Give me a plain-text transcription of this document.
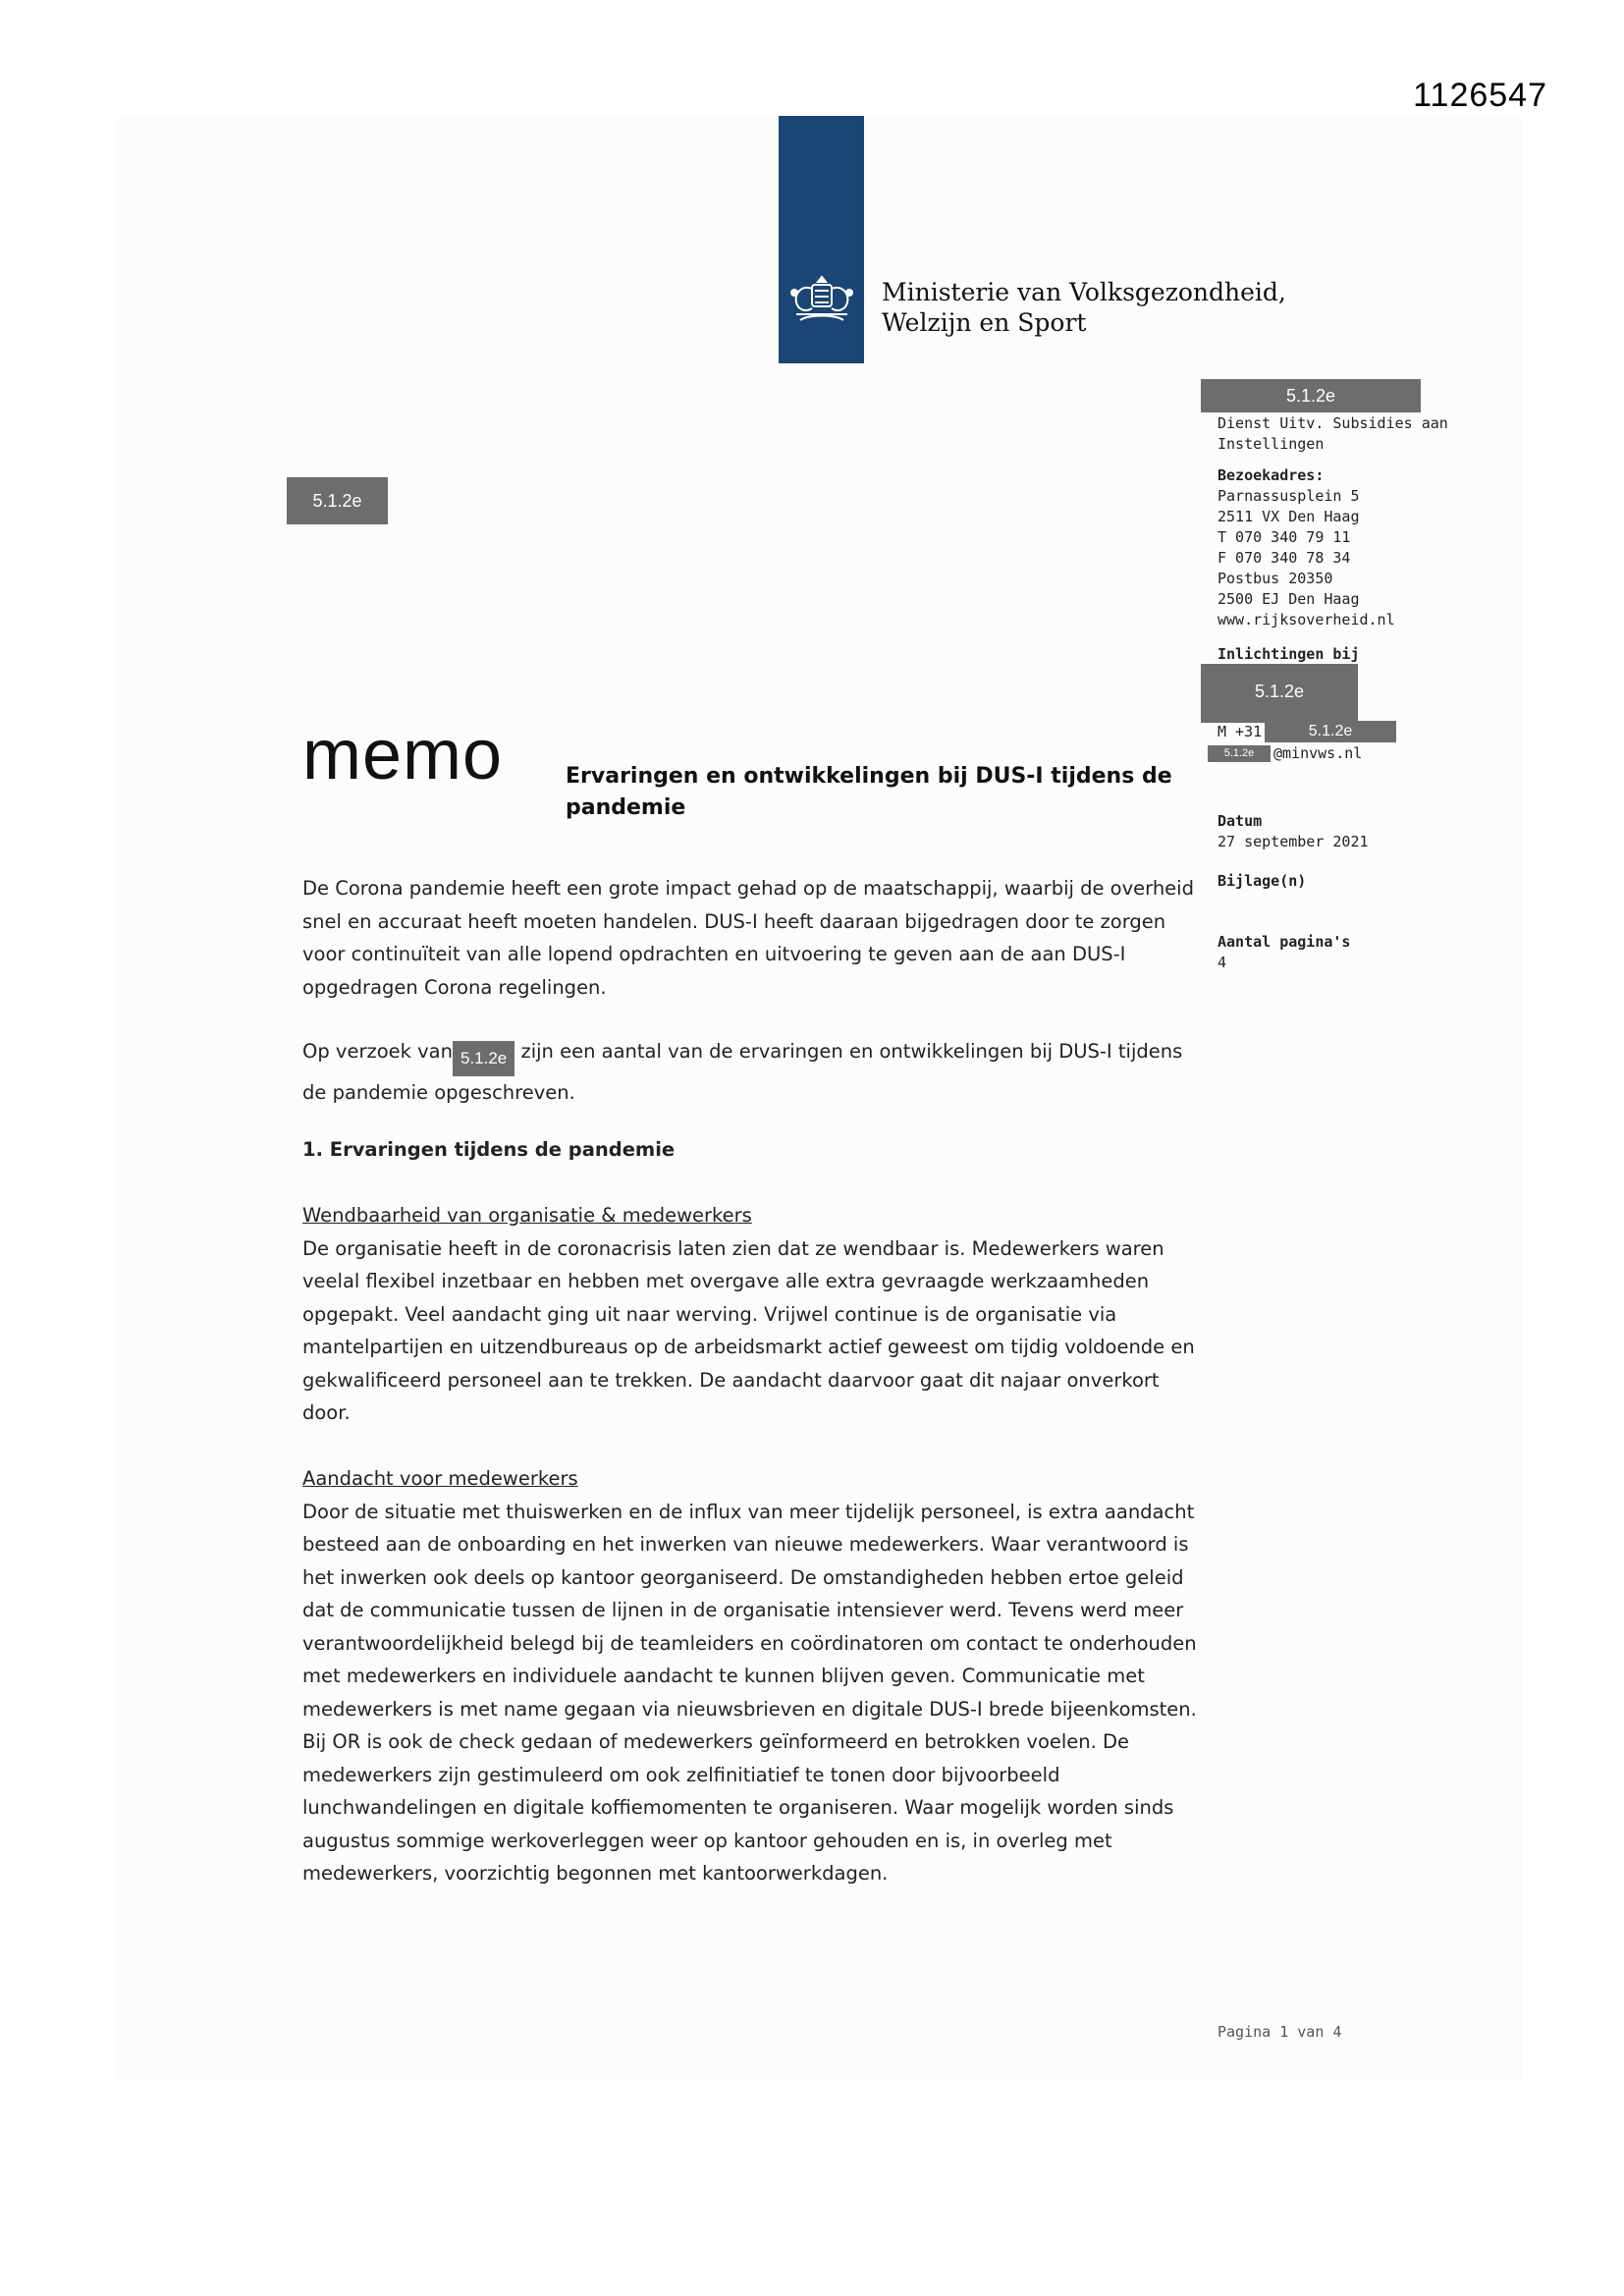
1126547
Ministerie van Volksgezondheid,
Welzijn en Sport
5.1.2e
5.1.2e
5.1.2e
5.1.2e
5.1.2e
Dienst Uitv. Subsidies aan
Instellingen
Bezoekadres:
Parnassusplein 5
2511 VX Den Haag
T 070 340 79 11
F 070 340 78 34
Postbus 20350
2500 EJ Den Haag
www.rijksoverheid.nl
Inlichtingen bij
M +31
@minvws.nl
Datum
27 september 2021
Bijlage(n)
Aantal pagina's
4
memo	Ervaringen en ontwikkelingen bij DUS-I tijdens de pandemie

De Corona pandemie heeft een grote impact gehad op de maatschappij, waarbij de overheid snel en accuraat heeft moeten handelen. DUS-I heeft daaraan bijgedragen door te zorgen voor continuïteit van alle lopend opdrachten en uitvoering te geven aan de aan DUS-I opgedragen Corona regelingen.

Op verzoek van 5.1.2e zijn een aantal van de ervaringen en ontwikkelingen bij DUS-I tijdens de pandemie opgeschreven.

1. Ervaringen tijdens de pandemie

Wendbaarheid van organisatie & medewerkers

De organisatie heeft in de coronacrisis laten zien dat ze wendbaar is. Medewerkers waren veelal flexibel inzetbaar en hebben met overgave alle extra gevraagde werkzaamheden opgepakt. Veel aandacht ging uit naar werving. Vrijwel continue is de organisatie via mantelpartijen en uitzendbureaus op de arbeidsmarkt actief geweest om tijdig voldoende en gekwalificeerd personeel aan te trekken. De aandacht daarvoor gaat dit najaar onverkort door.

Aandacht voor medewerkers

Door de situatie met thuiswerken en de influx van meer tijdelijk personeel, is extra aandacht besteed aan de onboarding en het inwerken van nieuwe medewerkers. Waar verantwoord is het inwerken ook deels op kantoor georganiseerd. De omstandigheden hebben ertoe geleid dat de communicatie tussen de lijnen in de organisatie intensiever werd. Tevens werd meer verantwoordelijkheid belegd bij de teamleiders en coördinatoren om contact te onderhouden met medewerkers en individuele aandacht te kunnen blijven geven. Communicatie met medewerkers is met name gegaan via nieuwsbrieven en digitale DUS-I brede bijeenkomsten. Bij OR is ook de check gedaan of medewerkers geïnformeerd en betrokken voelen. De medewerkers zijn gestimuleerd om ook zelfinitiatief te tonen door bijvoorbeeld lunchwandelingen en digitale koffiemomenten te organiseren. Waar mogelijk worden sinds augustus sommige werkoverleggen weer op kantoor gehouden en is, in overleg met medewerkers, voorzichtig begonnen met kantoorwerkdagen.

Pagina 1 van 4
